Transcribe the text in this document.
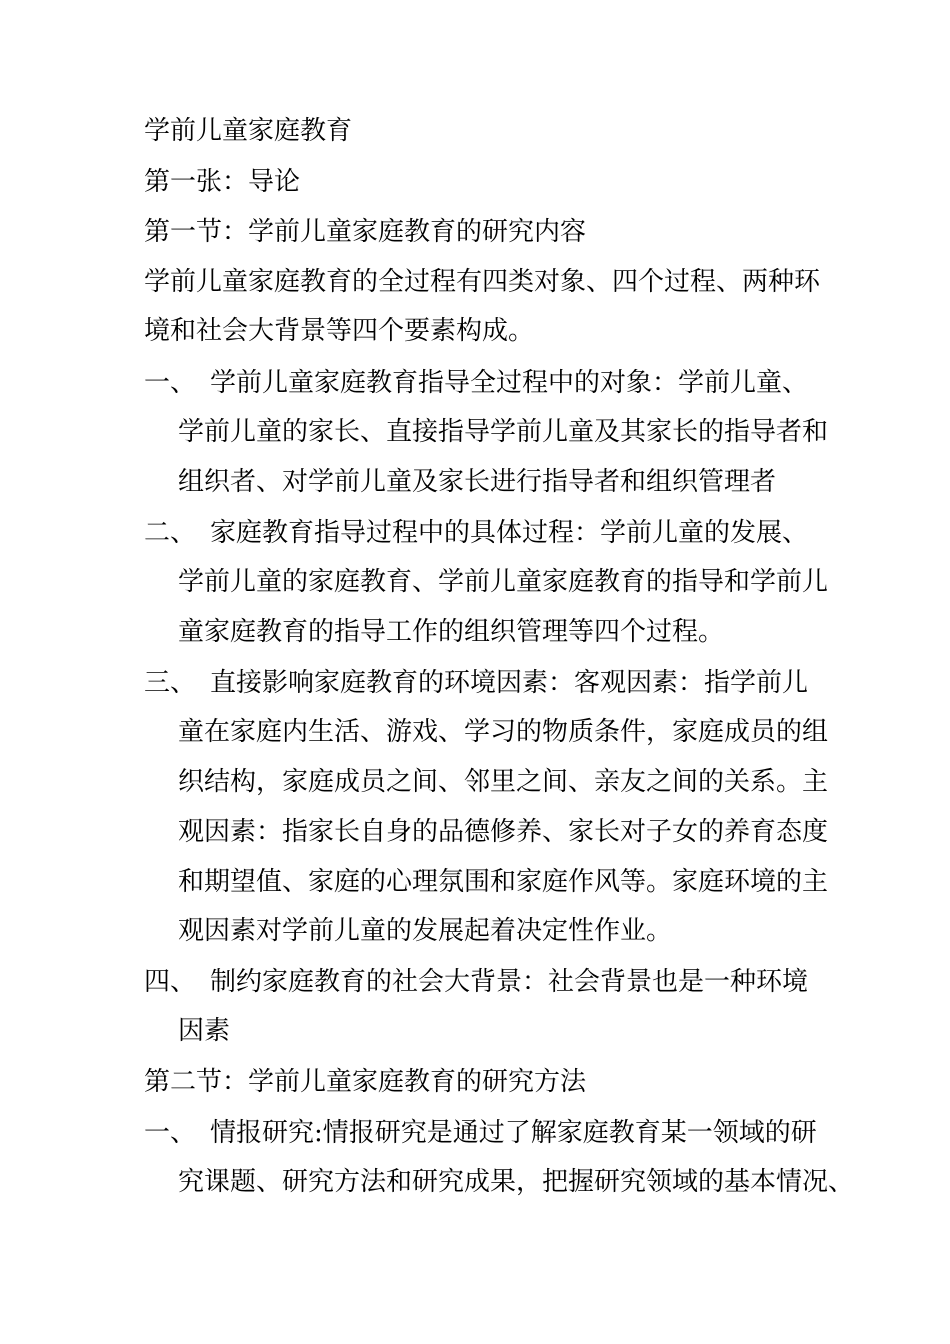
学前儿童家庭教育
第一张：导论
第一节：学前儿童家庭教育的研究内容
学前儿童家庭教育的全过程有四类对象、四个过程、两种环
境和社会大背景等四个要素构成。
一、 学前儿童家庭教育指导全过程中的对象：学前儿童、
学前儿童的家长、直接指导学前儿童及其家长的指导者和
组织者、对学前儿童及家长进行指导者和组织管理者
二、 家庭教育指导过程中的具体过程：学前儿童的发展、
学前儿童的家庭教育、学前儿童家庭教育的指导和学前儿
童家庭教育的指导工作的组织管理等四个过程。
三、 直接影响家庭教育的环境因素：客观因素：指学前儿
童在家庭内生活、游戏、学习的物质条件，家庭成员的组
织结构，家庭成员之间、邻里之间、亲友之间的关系。主
观因素：指家长自身的品德修养、家长对子女的养育态度
和期望值、家庭的心理氛围和家庭作风等。家庭环境的主
观因素对学前儿童的发展起着决定性作业。
四、 制约家庭教育的社会大背景：社会背景也是一种环境
因素
第二节：学前儿童家庭教育的研究方法
一、 情报研究:情报研究是通过了解家庭教育某一领域的研
究课题、研究方法和研究成果，把握研究领域的基本情况、
